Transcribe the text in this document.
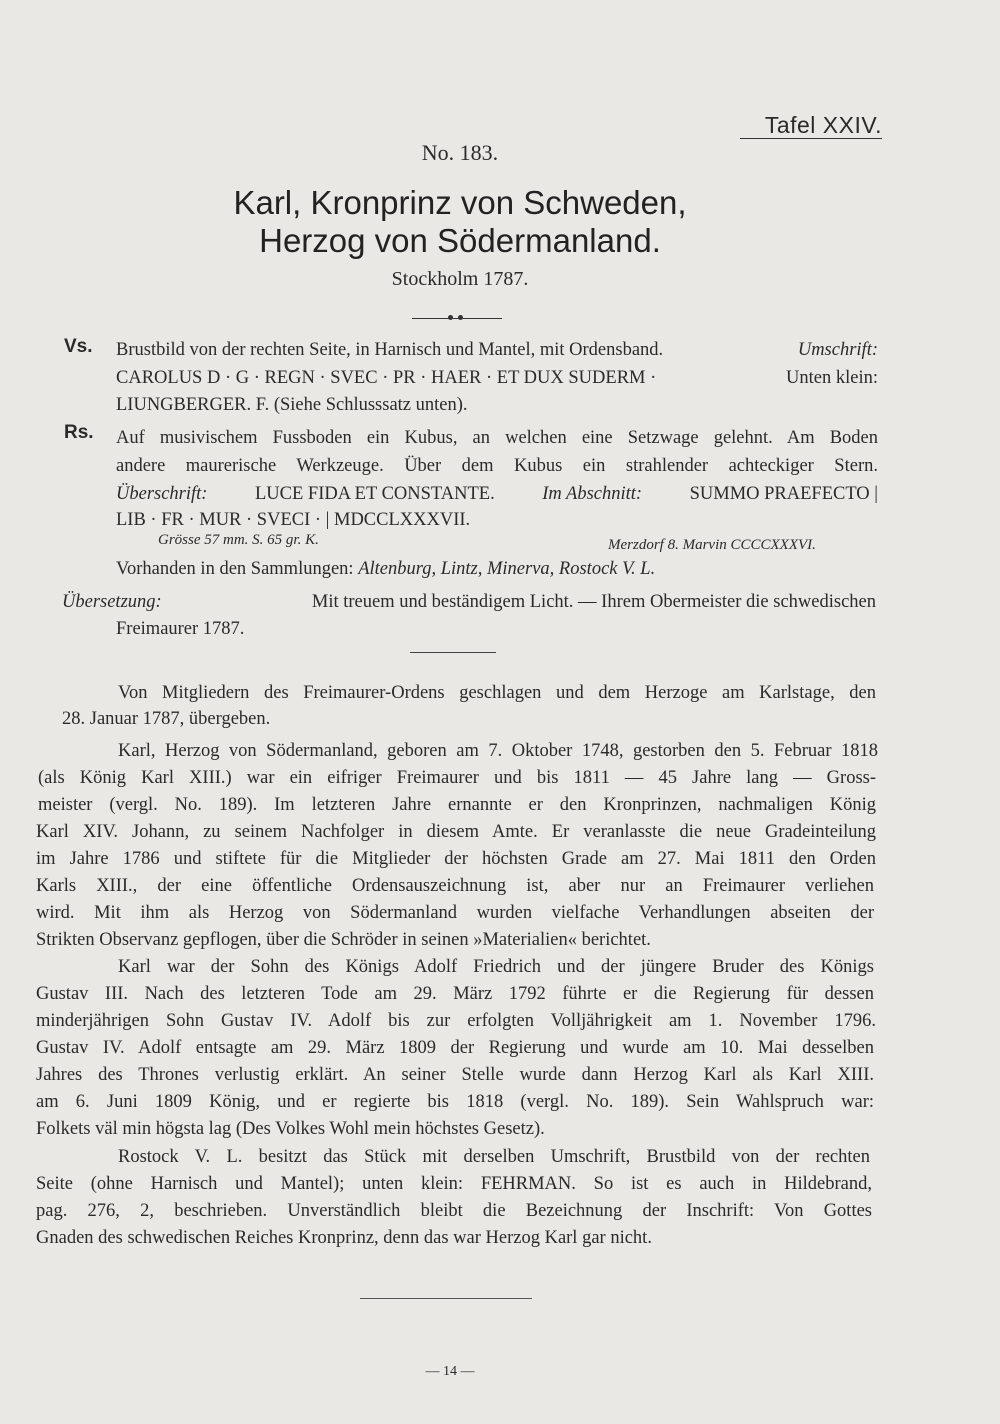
Tafel XXIV.
No. 183.
Karl, Kronprinz von Schweden,
Herzog von Södermanland.
Stockholm 1787.
Vs. Brustbild von der rechten Seite, in Harnisch und Mantel, mit Ordensband.	Umschrift:
CAROLUS D · G · REGN · SVEC · PR · HAER · ET DUX SUDERM ·	Unten klein:
LIUNGBERGER. F. (Siehe Schlusssatz unten).
Rs. Auf musivischem Fussboden ein Kubus, an welchen eine Setzwage gelehnt. Am Boden
andere maurerische Werkzeuge. Über dem Kubus ein strahlender achteckiger Stern.
Überschrift:	LUCE FIDA ET CONSTANTE.	Im Abschnitt:	SUMMO PRAEFECTO |
LIB · FR · MUR · SVECI · | MDCCLXXXVII.
Grösse 57 mm. S. 65 gr. K.	Merzdorf 8. Marvin CCCCXXXVI.
Vorhanden in den Sammlungen: Altenburg, Lintz, Minerva, Rostock V. L.
Übersetzung:	Mit treuem und beständigem Licht. — Ihrem Obermeister die schwedischen
Freimaurer 1787.
Von Mitgliedern des Freimaurer-Ordens geschlagen und dem Herzoge am Karlstage, den
28. Januar 1787, übergeben.
Karl, Herzog von Södermanland, geboren am 7. Oktober 1748, gestorben den 5. Februar 1818
(als König Karl XIII.) war ein eifriger Freimaurer und bis 1811 — 45 Jahre lang — Gross-
meister (vergl. No. 189). Im letzteren Jahre ernannte er den Kronprinzen, nachmaligen König
Karl XIV. Johann, zu seinem Nachfolger in diesem Amte. Er veranlasste die neue Gradeinteilung
im Jahre 1786 und stiftete für die Mitglieder der höchsten Grade am 27. Mai 1811 den Orden
Karls XIII., der eine öffentliche Ordensauszeichnung ist, aber nur an Freimaurer verliehen
wird. Mit ihm als Herzog von Södermanland wurden vielfache Verhandlungen abseiten der
Strikten Observanz gepflogen, über die Schröder in seinen »Materialien« berichtet.
Karl war der Sohn des Königs Adolf Friedrich und der jüngere Bruder des Königs
Gustav III. Nach des letzteren Tode am 29. März 1792 führte er die Regierung für dessen
minderjährigen Sohn Gustav IV. Adolf bis zur erfolgten Volljährigkeit am 1. November 1796.
Gustav IV. Adolf entsagte am 29. März 1809 der Regierung und wurde am 10. Mai desselben
Jahres des Thrones verlustig erklärt. An seiner Stelle wurde dann Herzog Karl als Karl XIII.
am 6. Juni 1809 König, und er regierte bis 1818 (vergl. No. 189). Sein Wahlspruch war:
Folkets väl min högsta lag (Des Volkes Wohl mein höchstes Gesetz).
Rostock V. L. besitzt das Stück mit derselben Umschrift, Brustbild von der rechten
Seite (ohne Harnisch und Mantel); unten klein: FEHRMAN. So ist es auch in Hildebrand,
pag. 276, 2, beschrieben. Unverständlich bleibt die Bezeichnung der Inschrift: Von Gottes
Gnaden des schwedischen Reiches Kronprinz, denn das war Herzog Karl gar nicht.
— 14 —
